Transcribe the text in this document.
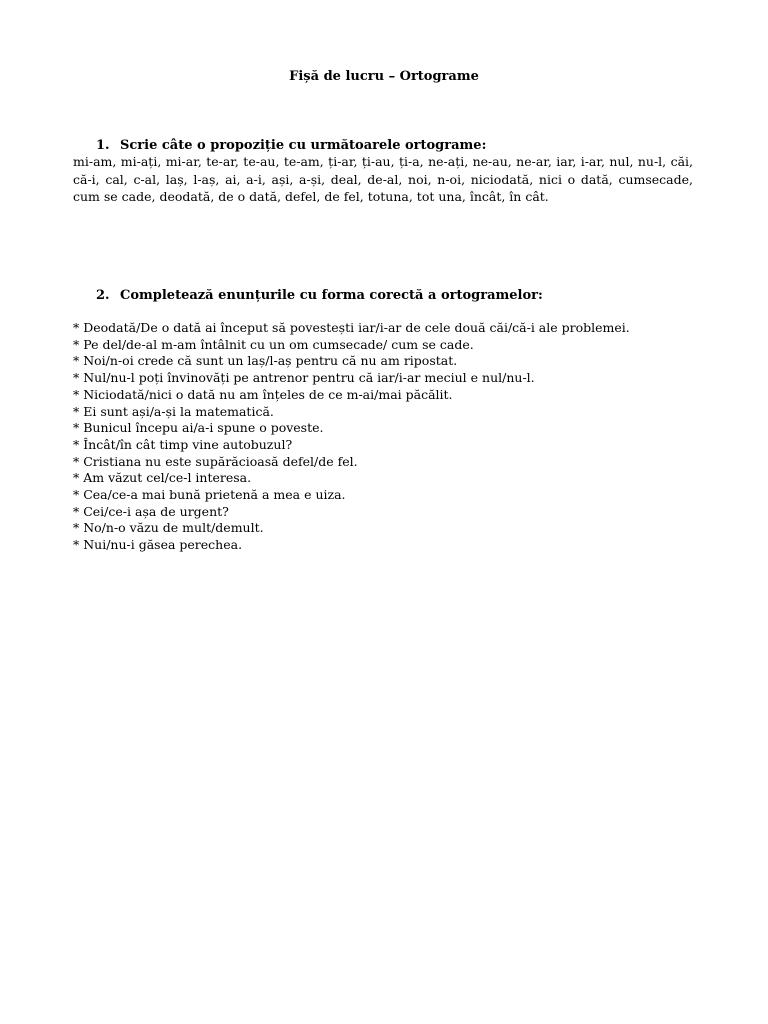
Fișă de lucru – Ortograme
1. Scrie câte o propoziție cu următoarele ortograme:
mi-am, mi-ați, mi-ar, te-ar, te-au, te-am, ți-ar, ți-au, ți-a, ne-ați, ne-au, ne-ar, iar, i-ar, nul, nu-l, căi, că-i, cal, c-al, laș, l-aș, ai, a-i, ași, a-și, deal, de-al, noi, n-oi, niciodată, nici o dată, cumsecade, cum se cade, deodată, de o dată, defel, de fel, totuna, tot una, încât, în cât.
2. Completează enunțurile cu forma corectă a ortogramelor:
* Deodată/De o dată ai început să povestești iar/i-ar de cele două căi/că-i ale problemei.
* Pe del/de-al m-am întâlnit cu un om cumsecade/ cum se cade.
* Noi/n-oi crede că sunt un laș/l-aș pentru că nu am ripostat.
* Nul/nu-l poți învinovăți pe antrenor pentru că iar/i-ar meciul e nul/nu-l.
* Niciodată/nici o dată nu am înțeles de ce m-ai/mai păcălit.
* Ei sunt ași/a-și la matematică.
* Bunicul începu ai/a-i spune o poveste.
* Încât/în cât timp vine autobuzul?
* Cristiana nu este supărăcioasă defel/de fel.
* Am văzut cel/ce-l interesa.
* Cea/ce-a mai bună prietenă a mea e uiza.
* Cei/ce-i așa de urgent?
* No/n-o văzu de mult/demult.
* Nui/nu-i găsea perechea.
